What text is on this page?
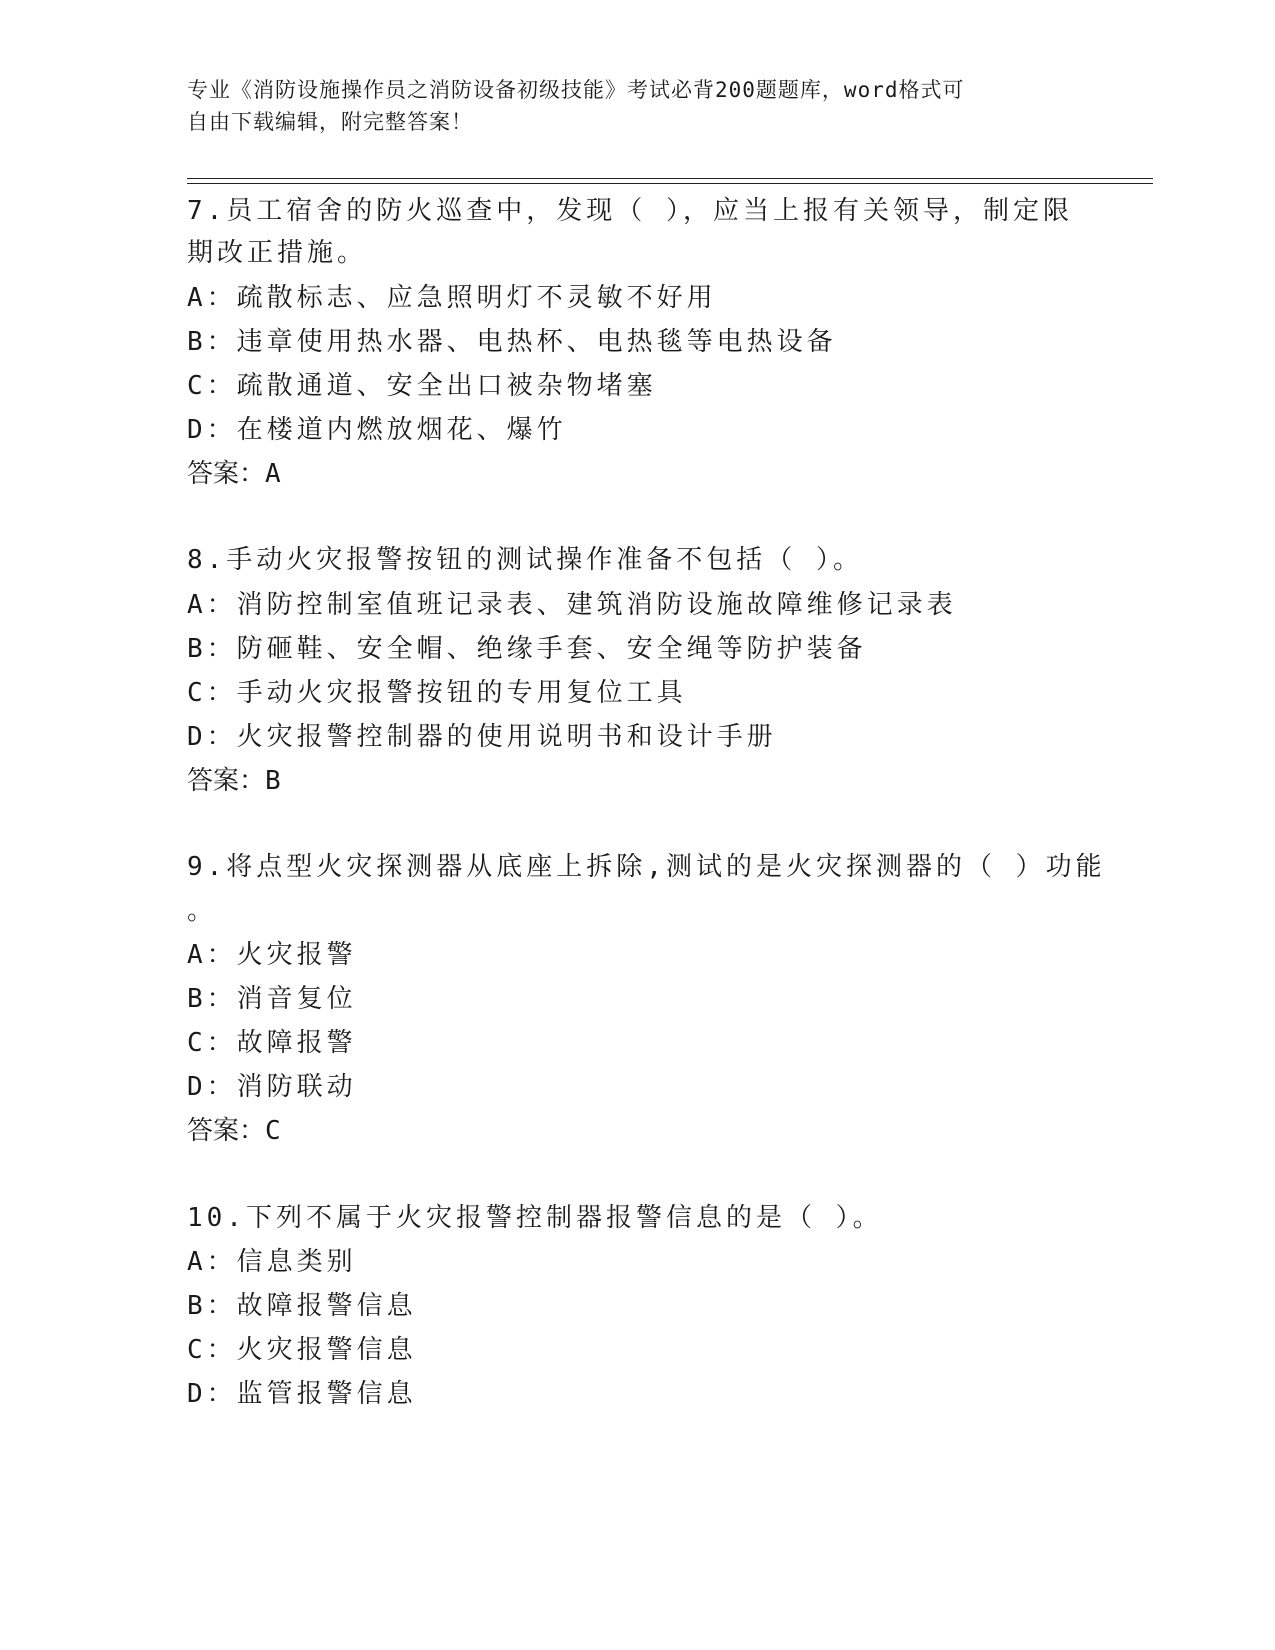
专业《消防设施操作员之消防设备初级技能》考试必背200题题库，word格式可
自由下载编辑，附完整答案！
7.员工宿舍的防火巡查中，发现（ ），应当上报有关领导，制定限
期改正措施。
A：疏散标志、应急照明灯不灵敏不好用
B：违章使用热水器、电热杯、电热毯等电热设备
C：疏散通道、安全出口被杂物堵塞
D：在楼道内燃放烟花、爆竹
答案：A
8.手动火灾报警按钮的测试操作准备不包括（ ）。
A：消防控制室值班记录表、建筑消防设施故障维修记录表
B：防砸鞋、安全帽、绝缘手套、安全绳等防护装备
C：手动火灾报警按钮的专用复位工具
D：火灾报警控制器的使用说明书和设计手册
答案：B
9.将点型火灾探测器从底座上拆除,测试的是火灾探测器的（ ）功能
。
A：火灾报警
B：消音复位
C：故障报警
D：消防联动
答案：C
10.下列不属于火灾报警控制器报警信息的是（ ）。
A：信息类别
B：故障报警信息
C：火灾报警信息
D：监管报警信息
